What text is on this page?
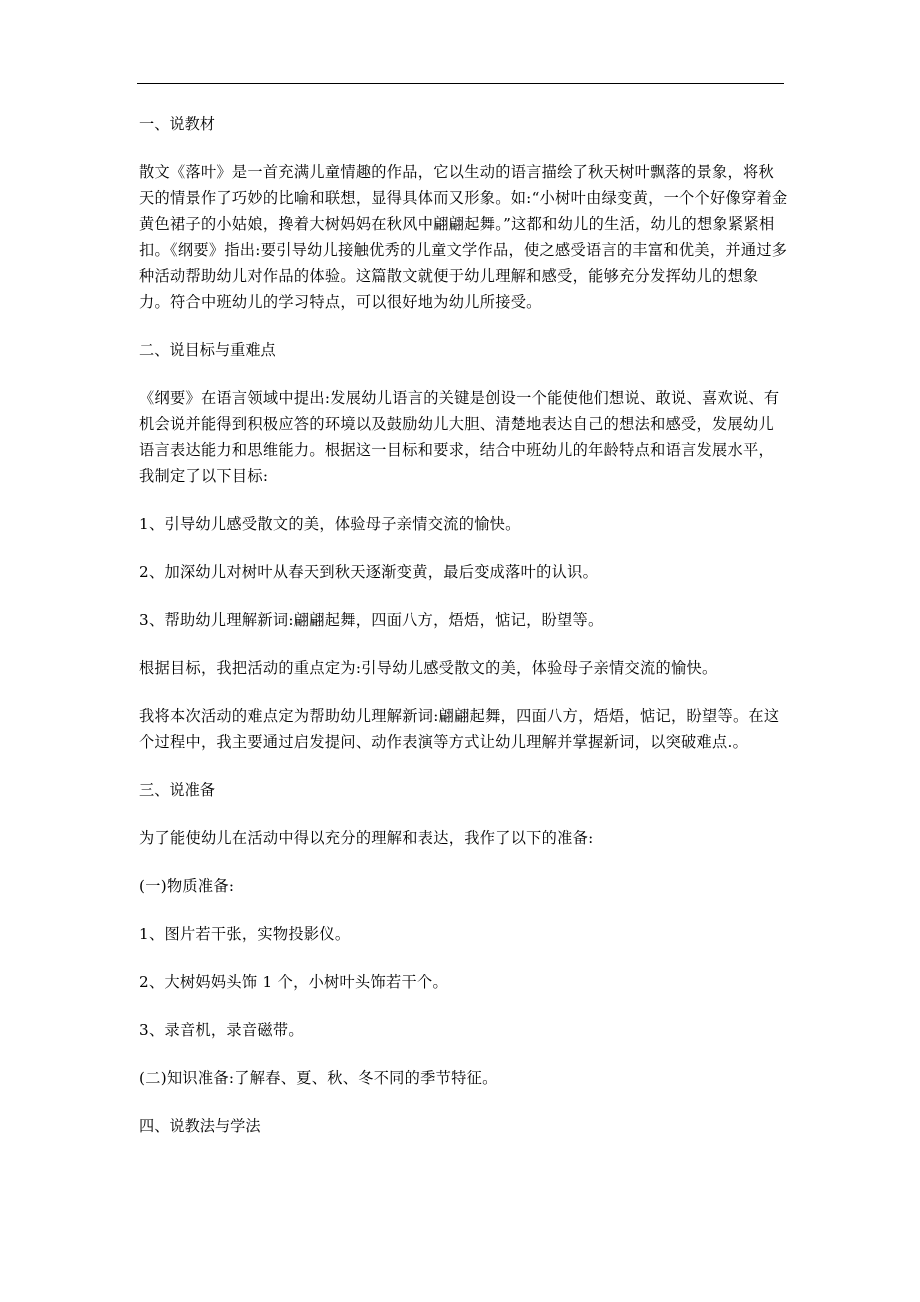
一、说教材

散文《落叶》是一首充满儿童情趣的作品，它以生动的语言描绘了秋天树叶飘落的景象，将秋天的情景作了巧妙的比喻和联想，显得具体而又形象。如:“小树叶由绿变黄，一个个好像穿着金黄色裙子的小姑娘，搀着大树妈妈在秋风中翩翩起舞。”这都和幼儿的生活，幼儿的想象紧紧相扣。《纲要》指出:要引导幼儿接触优秀的儿童文学作品，使之感受语言的丰富和优美，并通过多种活动帮助幼儿对作品的体验。这篇散文就便于幼儿理解和感受，能够充分发挥幼儿的想象力。符合中班幼儿的学习特点，可以很好地为幼儿所接受。

二、说目标与重难点

《纲要》在语言领域中提出:发展幼儿语言的关键是创设一个能使他们想说、敢说、喜欢说、有机会说并能得到积极应答的环境以及鼓励幼儿大胆、清楚地表达自己的想法和感受，发展幼儿语言表达能力和思维能力。根据这一目标和要求，结合中班幼儿的年龄特点和语言发展水平，我制定了以下目标:

1、引导幼儿感受散文的美，体验母子亲情交流的愉快。

2、加深幼儿对树叶从春天到秋天逐渐变黄，最后变成落叶的认识。

3、帮助幼儿理解新词:翩翩起舞，四面八方，焐焐，惦记，盼望等。

根据目标，我把活动的重点定为:引导幼儿感受散文的美，体验母子亲情交流的愉快。

我将本次活动的难点定为帮助幼儿理解新词:翩翩起舞，四面八方，焐焐，惦记，盼望等。在这个过程中，我主要通过启发提问、动作表演等方式让幼儿理解并掌握新词，以突破难点.。

三、说准备

为了能使幼儿在活动中得以充分的理解和表达，我作了以下的准备:

(一)物质准备:

1、图片若干张，实物投影仪。

2、大树妈妈头饰 1 个，小树叶头饰若干个。

3、录音机，录音磁带。

(二)知识准备:了解春、夏、秋、冬不同的季节特征。

四、说教法与学法
